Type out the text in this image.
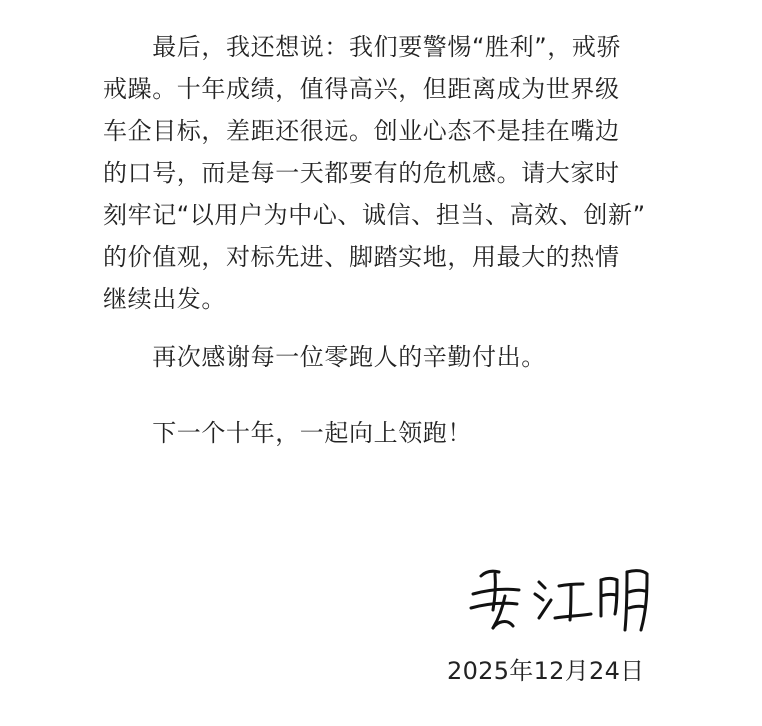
　　最后，我还想说：我们要警惕“胜利”，戒骄
戒躁。十年成绩，值得高兴，但距离成为世界级
车企目标，差距还很远。创业心态不是挂在嘴边
的口号，而是每一天都要有的危机感。请大家时
刻牢记“以用户为中心、诚信、担当、高效、创新”
的价值观，对标先进、脚踏实地，用最大的热情
继续出发。
　　再次感谢每一位零跑人的辛勤付出。
　　下一个十年，一起向上领跑！
2025年12月24日
